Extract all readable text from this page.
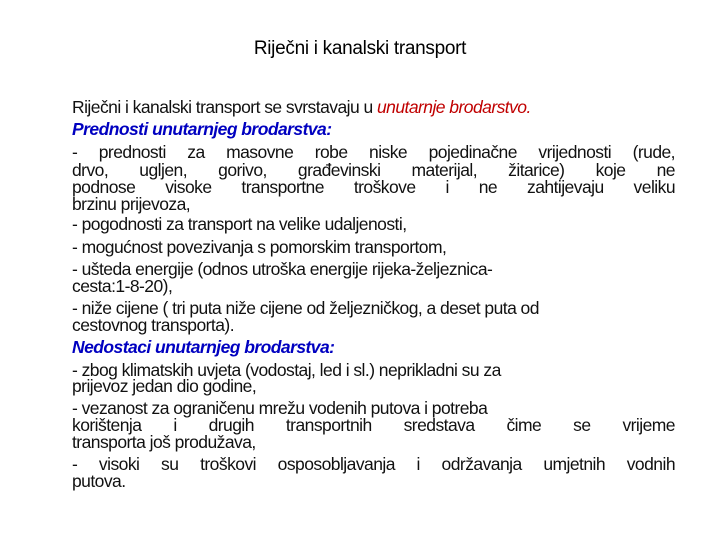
Riječni i kanalski transport
Riječni i kanalski transport se svrstavaju u unutarnje brodarstvo.
Prednosti unutarnjeg brodarstva:
- prednosti za masovne robe niske pojedinačne vrijednosti (rude,
drvo, ugljen, gorivo, građevinski materijal, žitarice) koje ne
podnose visoke transportne troškove i ne zahtijevaju veliku
brzinu prijevoza,
- pogodnosti za transport na velike udaljenosti,
- mogućnost povezivanja s pomorskim transportom,
- ušteda energije (odnos utroška energije rijeka-željeznica-
cesta:1-8-20),
- niže cijene ( tri puta niže cijene od željezničkog, a deset puta od
cestovnog transporta).
Nedostaci unutarnjeg brodarstva:
- zbog klimatskih uvjeta (vodostaj, led i sl.) neprikladni su za
prijevoz jedan dio godine,
- vezanost za ograničenu mrežu vodenih putova i potreba
korištenja i drugih transportnih sredstava čime se vrijeme
transporta još produžava,
- visoki su troškovi osposobljavanja i održavanja umjetnih vodnih
putova.
